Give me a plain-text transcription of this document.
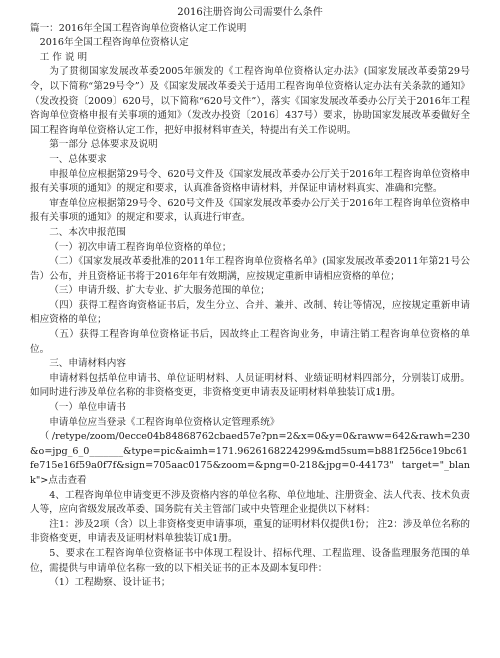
2016注册咨询公司需要什么条件

篇一：2016年全国工程咨询单位资格认定工作说明

2016年全国工程咨询单位资格认定

工 作 说 明

为了贯彻国家发展改革委2005年颁发的《工程咨询单位资格认定办法》(国家发展改革委第29号令，以下简称“第29号令”）及《国家发展改革委关于适用工程咨询单位资格认定办法有关条款的通知》（发改投资〔2009〕620号，以下简称“620号文件”），落实《国家发展改革委办公厅关于2016年工程咨询单位资格申报有关事项的通知》（发改办投资〔2016〕437号）要求，协助国家发展改革委做好全国工程咨询单位资格认定工作，把好申报材料审查关，特提出有关工作说明。

第一部分 总体要求及说明

一、总体要求

申报单位应根据第29号令、620号文件及《国家发展改革委办公厅关于2016年工程咨询单位资格申报有关事项的通知》的规定和要求，认真准备资格申请材料，并保证申请材料真实、准确和完整。

审查单位应根据第29号令、620号文件及《国家发展改革委办公厅关于2016年工程咨询单位资格申报有关事项的通知》的规定和要求，认真进行审查。

二、本次申报范围

（一）初次申请工程咨询单位资格的单位；

（二）《国家发展改革委批准的2011年工程咨询单位资格名单》(国家发展改革委2011年第21号公告）公布，并且资格证书将于2016年年有效期满，应按规定重新申请相应资格的单位；

（三）申请升级、扩大专业、扩大服务范围的单位；

（四）获得工程咨询资格证书后，发生分立、合并、兼并、改制、转让等情况，应按规定重新申请相应资格的单位；

（五）获得工程咨询单位资格证书后，因故终止工程咨询业务，申请注销工程咨询单位资格的单位。

三、申请材料内容

申请材料包括单位申请书、单位证明材料、人员证明材料、业绩证明材料四部分，分别装订成册。如同时进行涉及单位名称的非资格变更，非资格变更申请表及证明材料单独装订成1册。

（一）单位申请书

申请单位应当登录《工程咨询单位资格认定管理系统》

（/retype/zoom/0ecce04b8486876​2cbaed57e?pn=2&x=0&y=0&raww=642&rawh=230&o=jpg_6_0_______&type=pic&aimh=171.9626168224299&md5sum=b881f256ce19bc61fe715e16f59a0f7f&sign=705aac0175&zoom=&png=0-218&jpg=0-44173" target="_blank">点击查看

4、工程咨询单位申请变更不涉及资格内容的单位名称、单位地址、注册资金、法人代表、技术负责人等，应向省级发展改革委、国务院有关主管部门或中央管理企业提供以下材料：

注1：涉及2项（含）以上非资格变更申请事项，重复的证明材料仅提供1份； 注2：涉及单位名称的非资格变更，申请表及证明材料单独装订成1册。

5、要求在工程咨询单位资格证书中体现工程设计、招标代理、工程监理、设备监理服务范围的单位，需提供与申请单位名称一致的以下相关证书的正本及副本复印件：

（1）工程勘察、设计证书；
